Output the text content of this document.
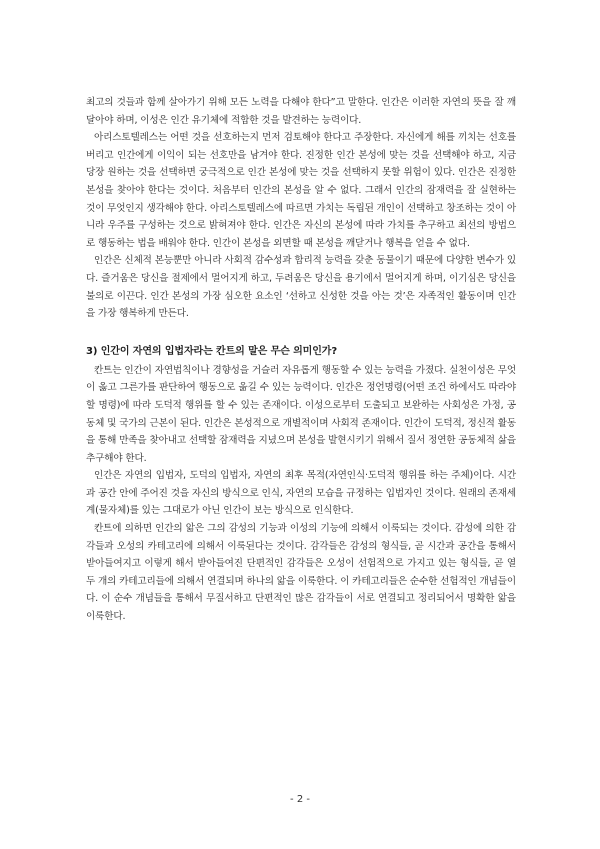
최고의 것들과 함께 살아가기 위해 모든 노력을 다해야 한다”고 말한다. 인간은 이러한 자연의 뜻을 잘 깨달아야 하며, 이성은 인간 유기체에 적합한 것을 발견하는 능력이다.

아리스토텔레스는 어떤 것을 선호하는지 먼저 검토해야 한다고 주장한다. 자신에게 해를 끼치는 선호를 버리고 인간에게 이익이 되는 선호만을 남겨야 한다. 진정한 인간 본성에 맞는 것을 선택해야 하고, 지금 당장 원하는 것을 선택하면 궁극적으로 인간 본성에 맞는 것을 선택하지 못할 위험이 있다. 인간은 진정한 본성을 찾아야 한다는 것이다. 처음부터 인간의 본성을 알 수 없다. 그래서 인간의 잠재력을 잘 실현하는 것이 무엇인지 생각해야 한다. 아리스토텔레스에 따르면 가치는 독립된 개인이 선택하고 창조하는 것이 아니라 우주를 구성하는 것으로 밝혀져야 한다. 인간은 자신의 본성에 따라 가치를 추구하고 최선의 방법으로 행동하는 법을 배워야 한다. 인간이 본성을 외면할 때 본성을 깨닫거나 행복을 얻을 수 없다.

인간은 신체적 본능뿐만 아니라 사회적 감수성과 합리적 능력을 갖춘 동물이기 때문에 다양한 변수가 있다. 즐거움은 당신을 절제에서 멀어지게 하고, 두려움은 당신을 용기에서 멀어지게 하며, 이기심은 당신을 불의로 이끈다. 인간 본성의 가장 심오한 요소인 ‘선하고 신성한 것을 아는 것’은 자족적인 활동이며 인간을 가장 행복하게 만든다.

3) 인간이 자연의 입법자라는 칸트의 말은 무슨 의미인가?

칸트는 인간이 자연법칙이나 경향성을 거슬러 자유롭게 행동할 수 있는 능력을 가졌다. 실천이성은 무엇이 옳고 그른가를 판단하여 행동으로 옮길 수 있는 능력이다. 인간은 정언명령(어떤 조건 하에서도 따라야 할 명령)에 따라 도덕적 행위를 할 수 있는 존재이다. 이성으로부터 도출되고 보완하는 사회성은 가정, 공동체 및 국가의 근본이 된다. 인간은 본성적으로 개별적이며 사회적 존재이다. 인간이 도덕적, 정신적 활동을 통해 만족을 찾아내고 선택할 잠재력을 지녔으며 본성을 발현시키기 위해서 질서 정연한 공동체적 삶을 추구해야 한다.

인간은 자연의 입법자, 도덕의 입법자, 자연의 최후 목적(자연인식·도덕적 행위를 하는 주체)이다. 시간과 공간 안에 주어진 것을 자신의 방식으로 인식, 자연의 모습을 규정하는 입법자인 것이다. 원래의 존재세계(물자체)를 있는 그대로가 아닌 인간이 보는 방식으로 인식한다.

칸트에 의하면 인간의 앎은 그의 감성의 기능과 이성의 기능에 의해서 이룩되는 것이다. 감성에 의한 감각들과 오성의 카테고리에 의해서 이룩된다는 것이다. 감각들은 감성의 형식들, 곧 시간과 공간을 통해서 받아들여지고 이렇게 해서 받아들여진 단편적인 감각들은 오성이 선험적으로 가지고 있는 형식들, 곧 열 두 개의 카테고리들에 의해서 연결되며 하나의 앎을 이룩한다. 이 카테고리들은 순수한 선험적인 개념들이다. 이 순수 개념들을 통해서 무질서하고 단편적인 많은 감각들이 서로 연결되고 정리되어서 명확한 앎을 이룩한다.

- 2 -
